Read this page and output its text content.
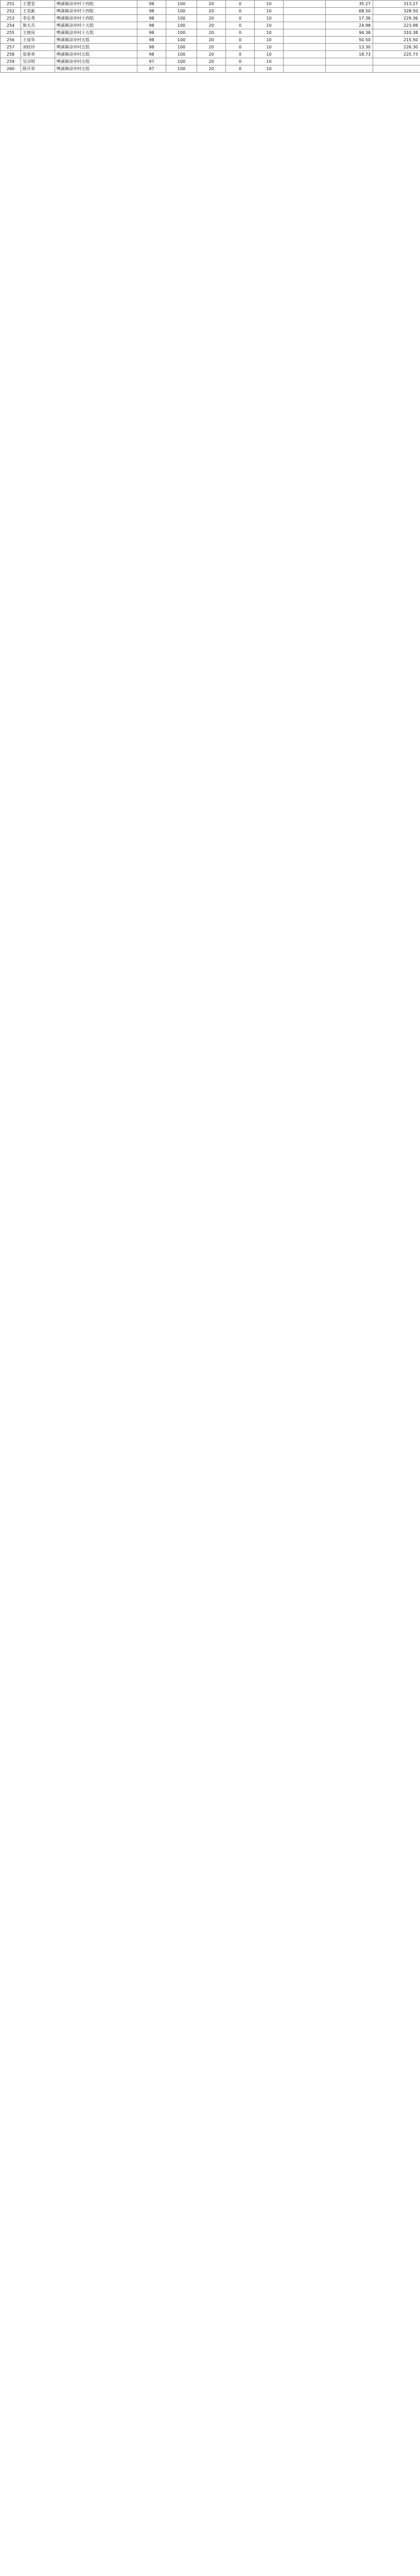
251	王慧雯	鸭溪镇凉亭村十四组	98	100	20	0	10		35.27	313.27
252	王美新	鸭溪镇凉亭村十四组	98	100	20	0	10		68.50	328.50
253	李东秀	鸭溪镇凉亭村十四组	98	100	20	0	10		17.36	229.36
254	熊天兵	鸭溪镇凉亭村十五组	98	100	20	0	10		24.98	223.98
255	王晓凤	鸭溪镇凉亭村十五组	98	100	20	0	10		94.38	310.38
256	王成华	鸭溪镇凉亭村五组	98	100	20	0	10		50.50	215.50
257	刘桂珍	鸭溪镇凉亭村五组	98	100	20	0	10		13.30	226.30
258	张春举	鸭溪镇凉亭村五组	98	100	20	0	10		18.73	225.73
259	吴宗明	鸭溪镇凉亭村五组	97	100	20	0	10			
260	陈开荣	鸭溪镇凉亭村五组	97	100	20	0	10			
